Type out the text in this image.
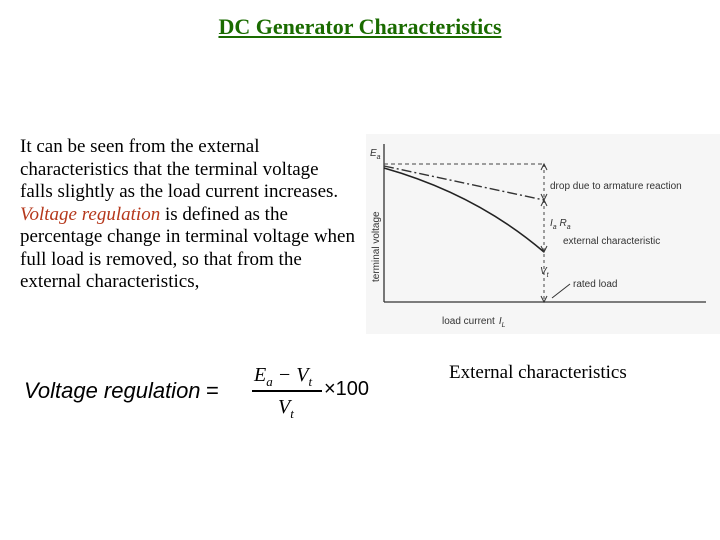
DC Generator Characteristics
It can be seen from the external characteristics that the terminal voltage falls slightly as the load current increases. Voltage regulation is defined as the percentage change in terminal voltage when full load is removed, so that from the external characteristics,
Voltage regulation =
$E_a - V_t$
$V_t$
×100
terminal voltage
$E_a$
drop due to armature reaction
$I_a$ $R_a$
external characteristic
$V_t$
rated load
load current $I_L$
External characteristics
